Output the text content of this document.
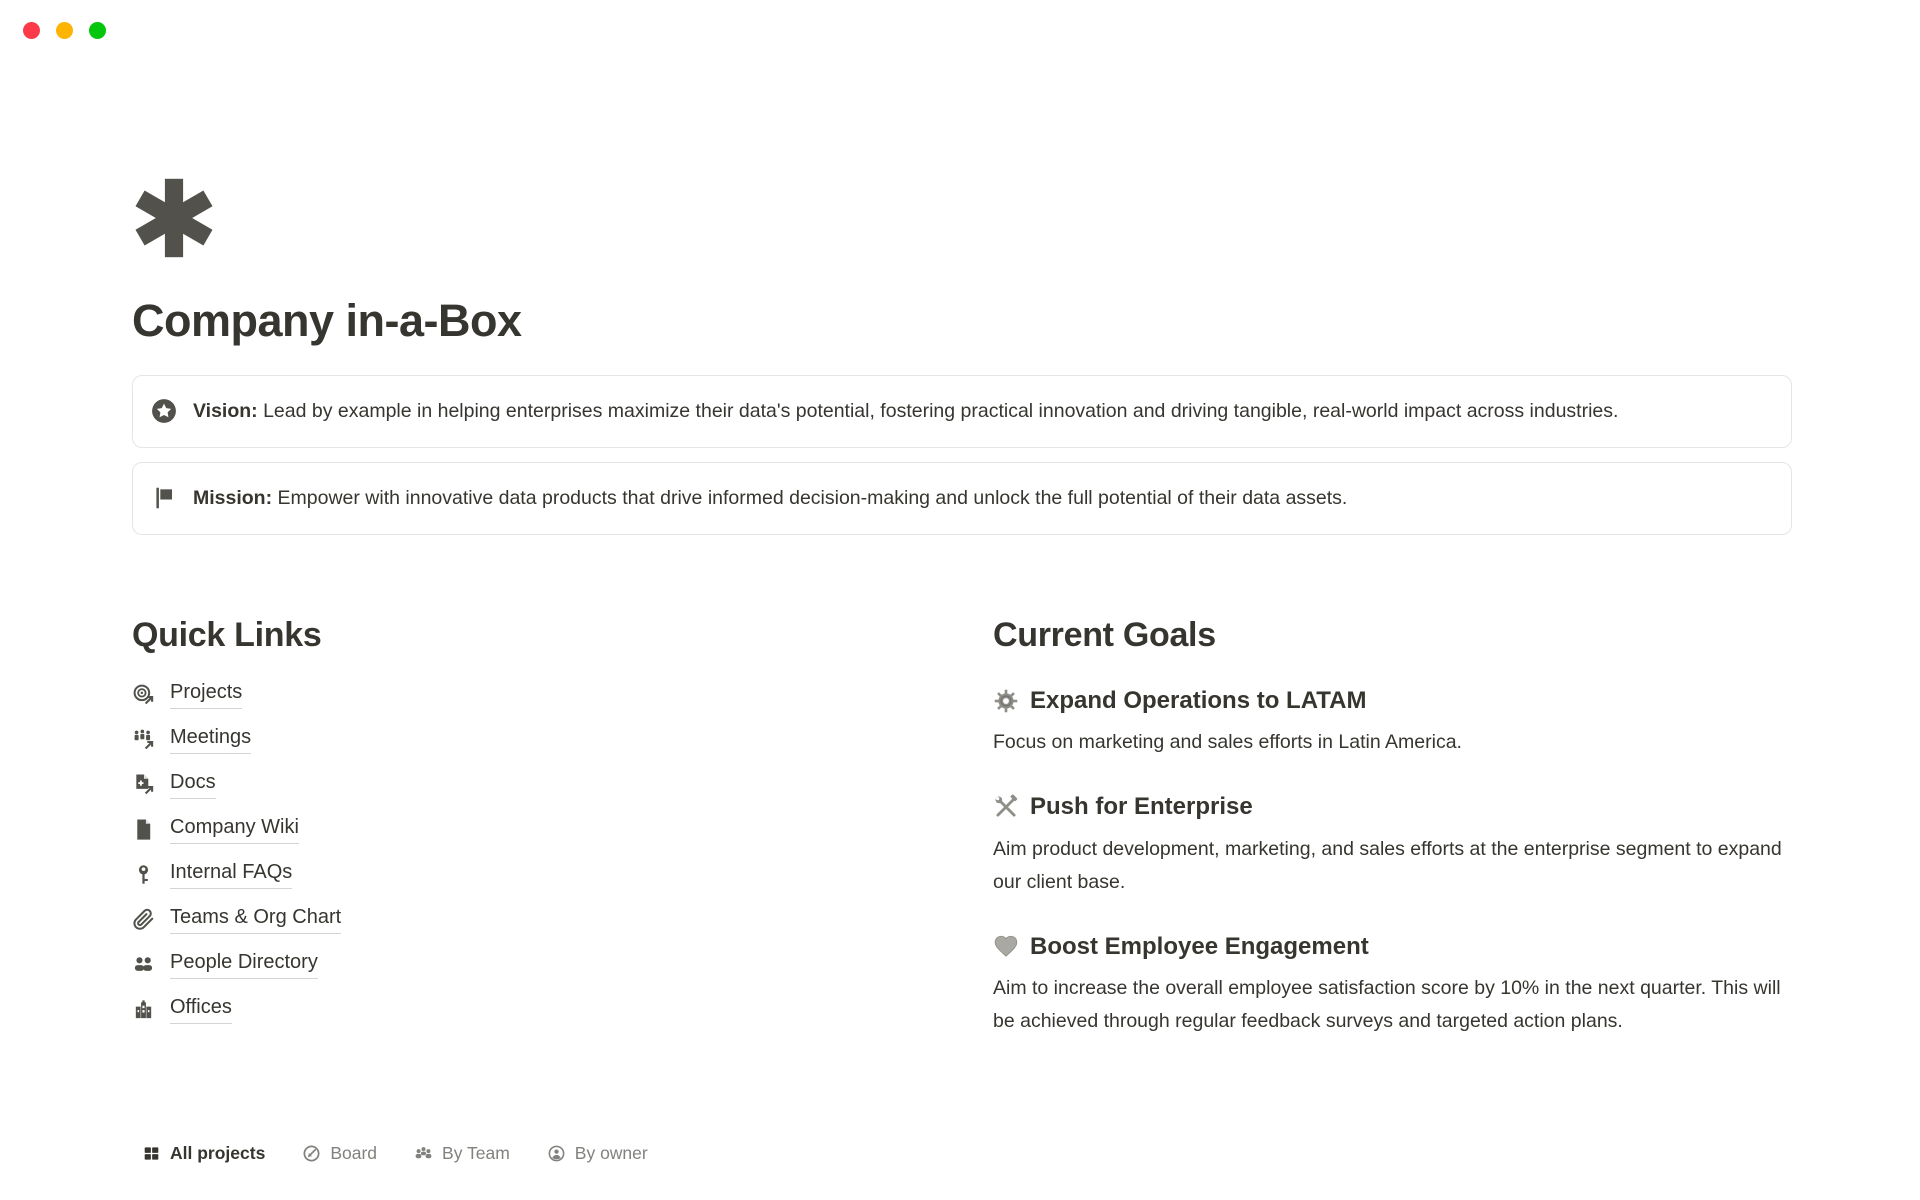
Company in-a-Box

Vision: Lead by example in helping enterprises maximize their data's potential, fostering practical innovation and driving tangible, real-world impact across industries.

Mission: Empower with innovative data products that drive informed decision-making and unlock the full potential of their data assets.

Quick Links
Projects
Meetings
Docs
Company Wiki
Internal FAQs
Teams & Org Chart
People Directory
Offices
Current Goals
Expand Operations to LATAM

Focus on marketing and sales efforts in Latin America.

Push for Enterprise

Aim product development, marketing, and sales efforts at the enterprise segment to expand our client base.

Boost Employee Engagement

Aim to increase the overall employee satisfaction score by 10% in the next quarter. This will be achieved through regular feedback surveys and targeted action plans.

All projects	Board	By Team	By owner
